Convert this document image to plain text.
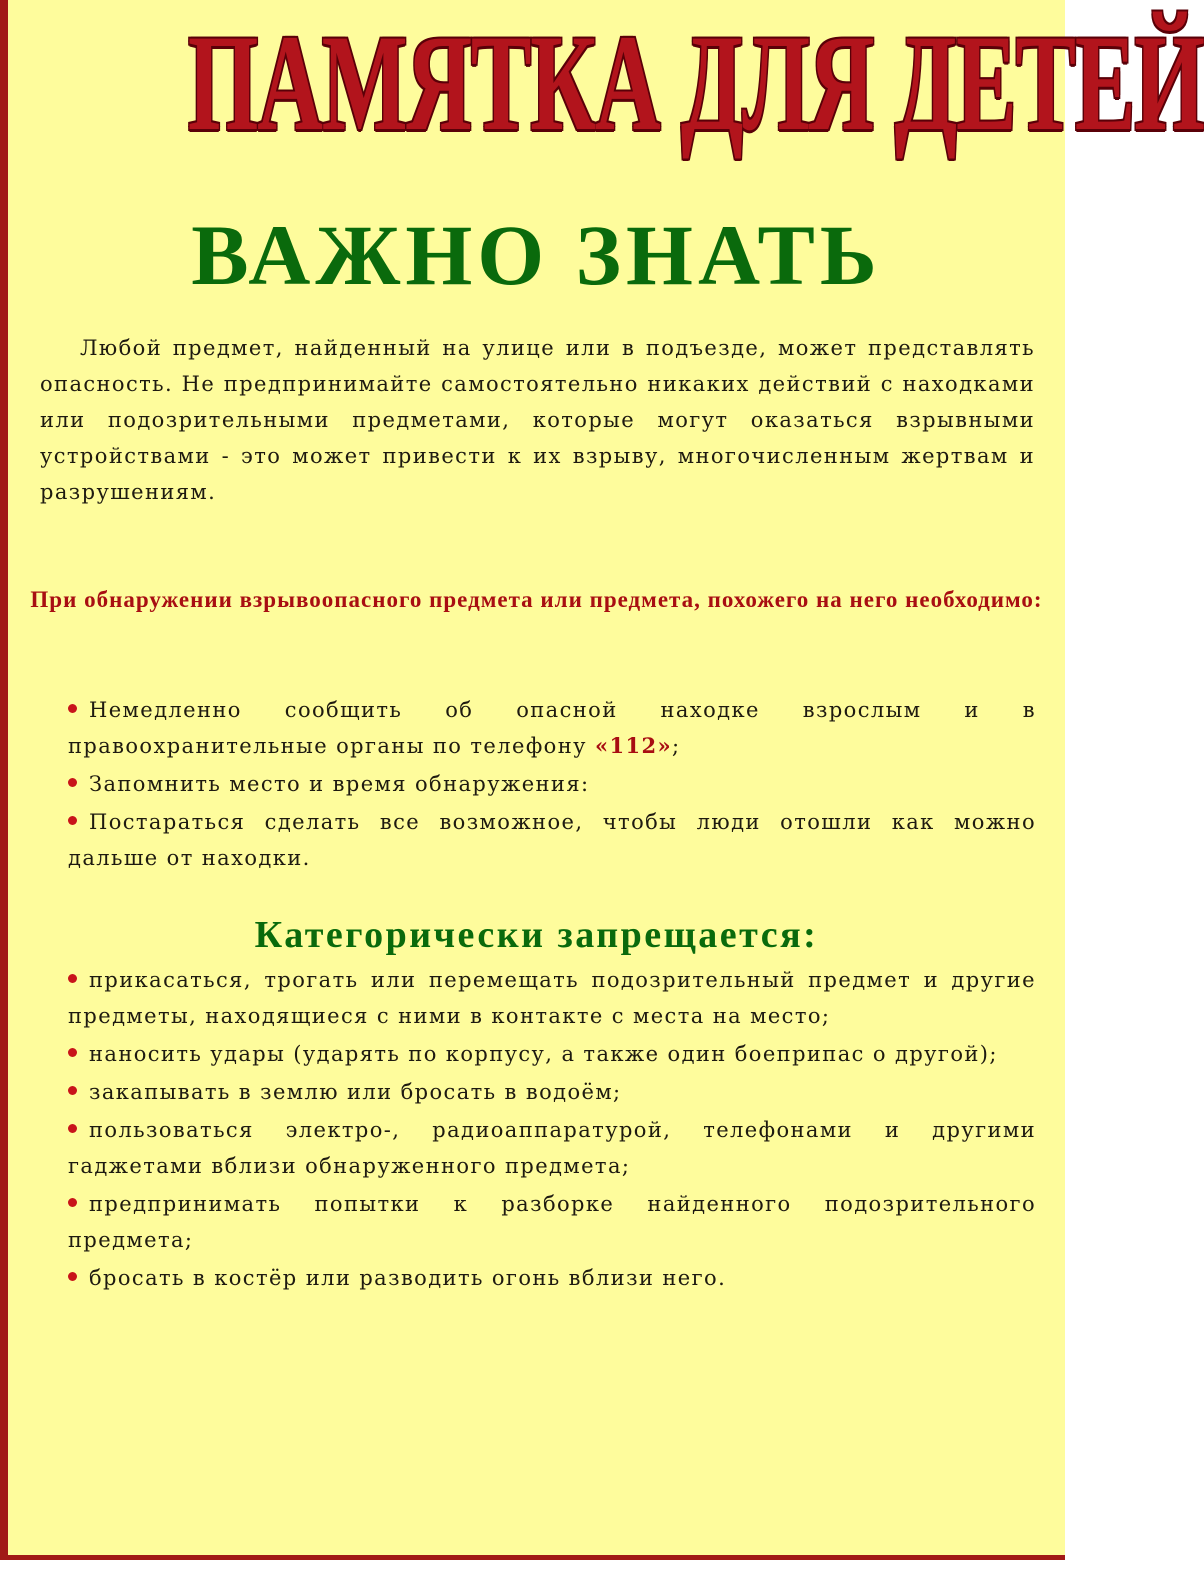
ПАМЯТКА ДЛЯ ДЕТЕЙ
ВАЖНО ЗНАТЬ

Любой предмет, найденный на улице или в подъезде, может представлять опасность. Не предпринимайте самостоятельно никаких действий с находками или подозрительными предметами, которые могут оказаться взрывными устройствами - это может привести к их взрыву, многочисленным жертвам и разрушениям.

При обнаружении взрывоопасного предмета или предмета, похожего на него необходимо:

Немедленно сообщить об опасной находке взрослым и в правоохранительные органы по телефону «112»;
Запомнить место и время обнаружения:
Постараться сделать все возможное, чтобы люди отошли как можно дальше от находки.
Категорически запрещается:
прикасаться, трогать или перемещать подозрительный предмет и другие предметы, находящиеся с ними в контакте с места на место;
наносить удары (ударять по корпусу, а также один боеприпас о другой);
закапывать в землю или бросать в водоём;
пользоваться электро-, радиоаппаратурой, телефонами и другими гаджетами вблизи обнаруженного предмета;
предпринимать попытки к разборке найденного подозрительного предмета;
бросать в костёр или разводить огонь вблизи него.
